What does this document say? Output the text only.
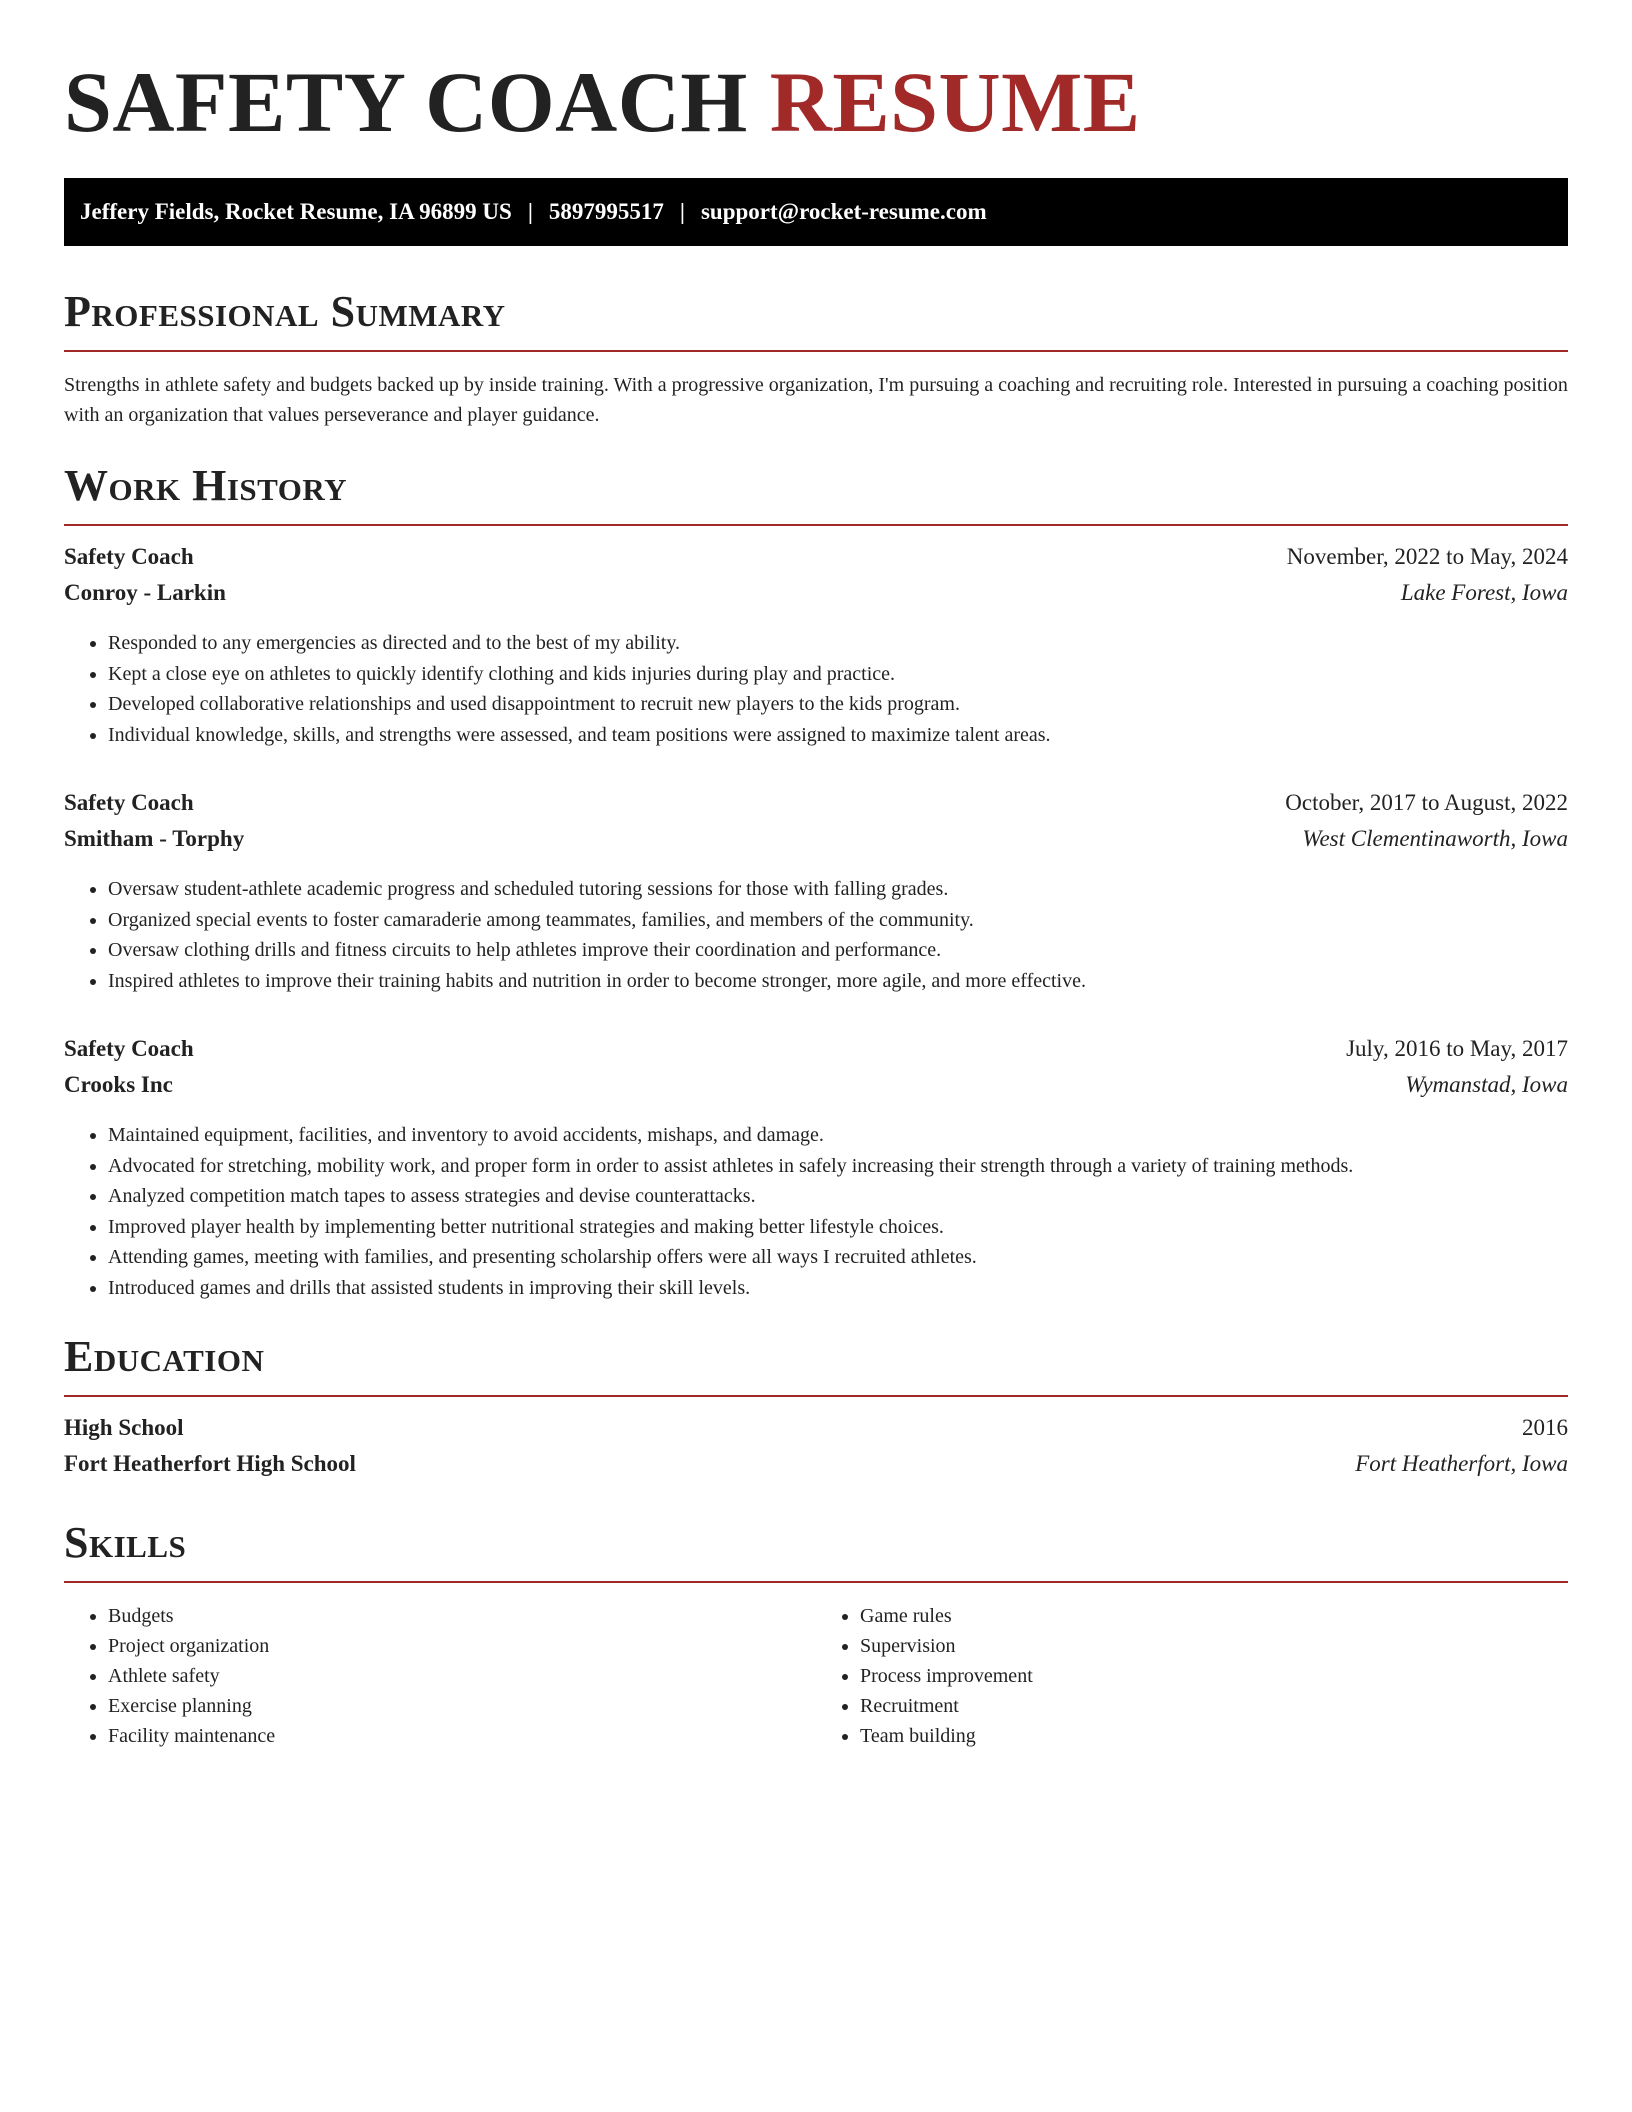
SAFETY COACH RESUME
Jeffery Fields, Rocket Resume, IA 96899 US | 5897995517 | support@rocket-resume.com
Professional Summary

Strengths in athlete safety and budgets backed up by inside training. With a progressive organization, I'm pursuing a coaching and recruiting role. Interested in pursuing a coaching position with an organization that values perseverance and player guidance.

Work History
Safety Coach	November, 2022 to May, 2024
Conroy - Larkin	Lake Forest, Iowa
• Responded to any emergencies as directed and to the best of my ability.
• Kept a close eye on athletes to quickly identify clothing and kids injuries during play and practice.
• Developed collaborative relationships and used disappointment to recruit new players to the kids program.
• Individual knowledge, skills, and strengths were assessed, and team positions were assigned to maximize talent areas.
Safety Coach	October, 2017 to August, 2022
Smitham - Torphy	West Clementinaworth, Iowa
• Oversaw student-athlete academic progress and scheduled tutoring sessions for those with falling grades.
• Organized special events to foster camaraderie among teammates, families, and members of the community.
• Oversaw clothing drills and fitness circuits to help athletes improve their coordination and performance.
• Inspired athletes to improve their training habits and nutrition in order to become stronger, more agile, and more effective.
Safety Coach	July, 2016 to May, 2017
Crooks Inc	Wymanstad, Iowa
• Maintained equipment, facilities, and inventory to avoid accidents, mishaps, and damage.
• Advocated for stretching, mobility work, and proper form in order to assist athletes in safely increasing their strength through a variety of training methods.
• Analyzed competition match tapes to assess strategies and devise counterattacks.
• Improved player health by implementing better nutritional strategies and making better lifestyle choices.
• Attending games, meeting with families, and presenting scholarship offers were all ways I recruited athletes.
• Introduced games and drills that assisted students in improving their skill levels.
Education
High School	2016
Fort Heatherfort High School	Fort Heatherfort, Iowa
Skills
• Budgets
• Project organization
• Athlete safety
• Exercise planning
• Facility maintenance
• Game rules
• Supervision
• Process improvement
• Recruitment
• Team building
